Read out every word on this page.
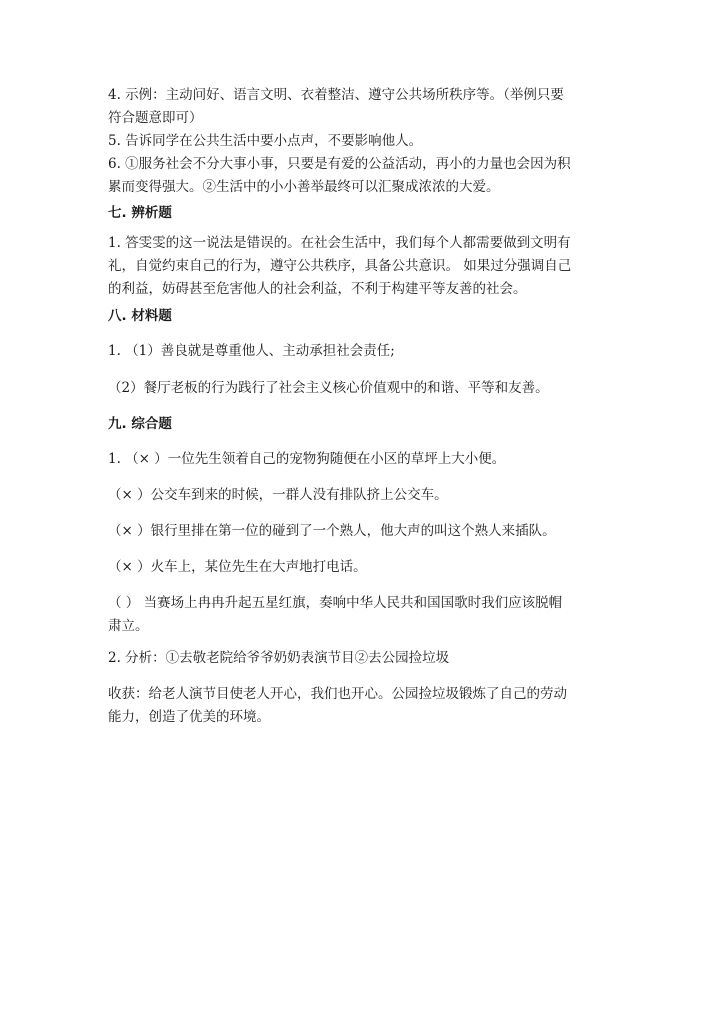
4. 示例：主动问好、语言文明、衣着整洁、遵守公共场所秩序等。（举例只要

符合题意即可）

5. 告诉同学在公共生活中要小点声，不要影响他人。

6. ①服务社会不分大事小事，只要是有爱的公益活动，再小的力量也会因为积

累而变得强大。②生活中的小小善举最终可以汇聚成浓浓的大爱。

七. 辨析题

1. 答雯雯的这一说法是错误的。在社会生活中，我们每个人都需要做到文明有

礼，自觉约束自己的行为，遵守公共秩序，具备公共意识。 如果过分强调自己

的利益，妨碍甚至危害他人的社会利益，不利于构建平等友善的社会。

八. 材料题

1. （1）善良就是尊重他人、主动承担社会责任;

（2）餐厅老板的行为践行了社会主义核心价值观中的和谐、平等和友善。

九. 综合题

1. （× ）一位先生领着自己的宠物狗随便在小区的草坪上大小便。

（× ）公交车到来的时候，一群人没有排队挤上公交车。

（× ）银行里排在第一位的碰到了一个熟人，他大声的叫这个熟人来插队。

（× ）火车上，某位先生在大声地打电话。

（ ） 当赛场上冉冉升起五星红旗，奏响中华人民共和国国歌时我们应该脱帽

肃立。

2. 分析：①去敬老院给爷爷奶奶表演节目②去公园捡垃圾

收获：给老人演节目使老人开心，我们也开心。公园捡垃圾锻炼了自己的劳动

能力，创造了优美的环境。
